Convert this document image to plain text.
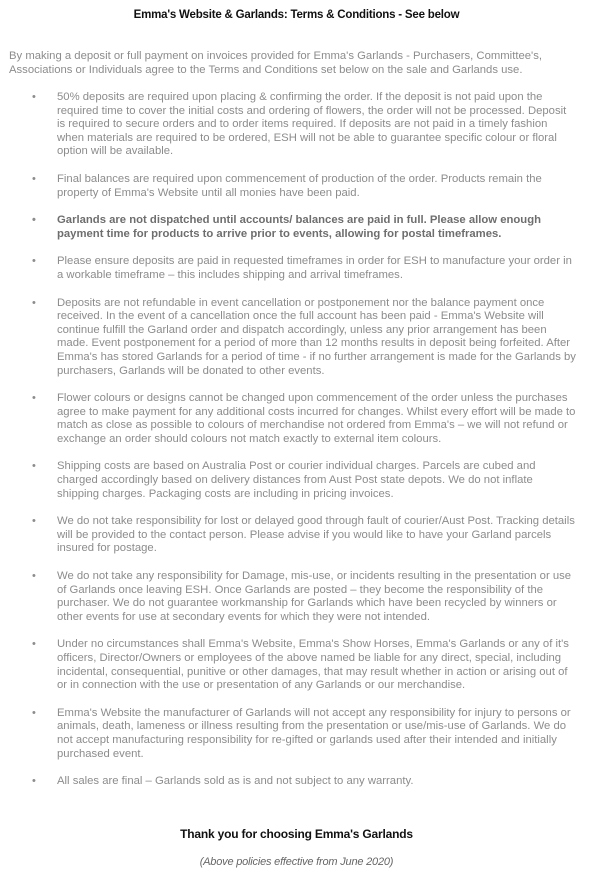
Emma's Website & Garlands: Terms & Conditions - See below
By making a deposit or full payment on invoices provided for Emma's Garlands - Purchasers, Committee's, Associations or Individuals agree to the Terms and Conditions set below on the sale and Garlands use.
• 50% deposits are required upon placing & confirming the order. If the deposit is not paid upon the required time to cover the initial costs and ordering of flowers, the order will not be processed. Deposit is required to secure orders and to order items required. If deposits are not paid in a timely fashion when materials are required to be ordered, ESH will not be able to guarantee specific colour or floral option will be available.
• Final balances are required upon commencement of production of the order. Products remain the property of Emma's Website until all monies have been paid.
• Garlands are not dispatched until accounts/ balances are paid in full. Please allow enough payment time for products to arrive prior to events, allowing for postal timeframes.
• Please ensure deposits are paid in requested timeframes in order for ESH to manufacture your order in a workable timeframe – this includes shipping and arrival timeframes.
• Deposits are not refundable in event cancellation or postponement nor the balance payment once received. In the event of a cancellation once the full account has been paid - Emma's Website will continue fulfill the Garland order and dispatch accordingly, unless any prior arrangement has been made. Event postponement for a period of more than 12 months results in deposit being forfeited. After Emma's has stored Garlands for a period of time - if no further arrangement is made for the Garlands by purchasers, Garlands will be donated to other events.
• Flower colours or designs cannot be changed upon commencement of the order unless the purchases agree to make payment for any additional costs incurred for changes. Whilst every effort will be made to match as close as possible to colours of merchandise not ordered from Emma's – we will not refund or exchange an order should colours not match exactly to external item colours.
• Shipping costs are based on Australia Post or courier individual charges. Parcels are cubed and charged accordingly based on delivery distances from Aust Post state depots. We do not inflate shipping charges. Packaging costs are including in pricing invoices.
• We do not take responsibility for lost or delayed good through fault of courier/Aust Post. Tracking details will be provided to the contact person. Please advise if you would like to have your Garland parcels insured for postage.
• We do not take any responsibility for Damage, mis-use, or incidents resulting in the presentation or use of Garlands once leaving ESH. Once Garlands are posted – they become the responsibility of the purchaser. We do not guarantee workmanship for Garlands which have been recycled by winners or other events for use at secondary events for which they were not intended.
• Under no circumstances shall Emma's Website, Emma's Show Horses, Emma's Garlands or any of it's officers, Director/Owners or employees of the above named be liable for any direct, special, including incidental, consequential, punitive or other damages, that may result whether in action or arising out of or in connection with the use or presentation of any Garlands or our merchandise.
• Emma's Website the manufacturer of Garlands will not accept any responsibility for injury to persons or animals, death, lameness or illness resulting from the presentation or use/mis-use of Garlands. We do not accept manufacturing responsibility for re-gifted or garlands used after their intended and initially purchased event.
• All sales are final – Garlands sold as is and not subject to any warranty.
Thank you for choosing Emma's Garlands
(Above policies effective from June 2020)
